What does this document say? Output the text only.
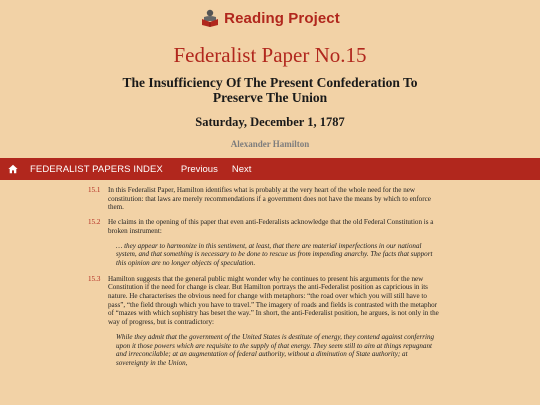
Reading Project
Federalist Paper No.15
The Insufficiency Of The Present Confederation To Preserve The Union
Saturday, December 1, 1787
Alexander Hamilton
FEDERALIST PAPERS INDEX Previous Next
15.1 In this Federalist Paper, Hamilton identifies what is probably at the very heart of the whole need for the new constitution: that laws are merely recommendations if a government does not have the means by which to enforce them.

15.2 He claims in the opening of this paper that even anti-Federalists acknowledge that the old Federal Constitution is a broken instrument:

… they appear to harmonize in this sentiment, at least, that there are material imperfections in our national system, and that something is necessary to be done to rescue us from impending anarchy. The facts that support this opinion are no longer objects of speculation.

15.3 Hamilton suggests that the general public might wonder why he continues to present his arguments for the new Constitution if the need for change is clear. But Hamilton portrays the anti-Federalist position as capricious in its nature. He characterises the obvious need for change with metaphors: “the road over which you will still have to pass”, “the field through which you have to travel.” The imagery of roads and fields is contrasted with the metaphor of “mazes with which sophistry has beset the way.” In short, the anti-Federalist position, he argues, is not only in the way of progress, but is contradictory:

While they admit that the government of the United States is destitute of energy, they contend against conferring upon it those powers which are requisite to the supply of that energy. They seem still to aim at things repugnant and irreconcilable; at an augmentation of federal authority, without a diminution of State authority; at sovereignty in the Union,
